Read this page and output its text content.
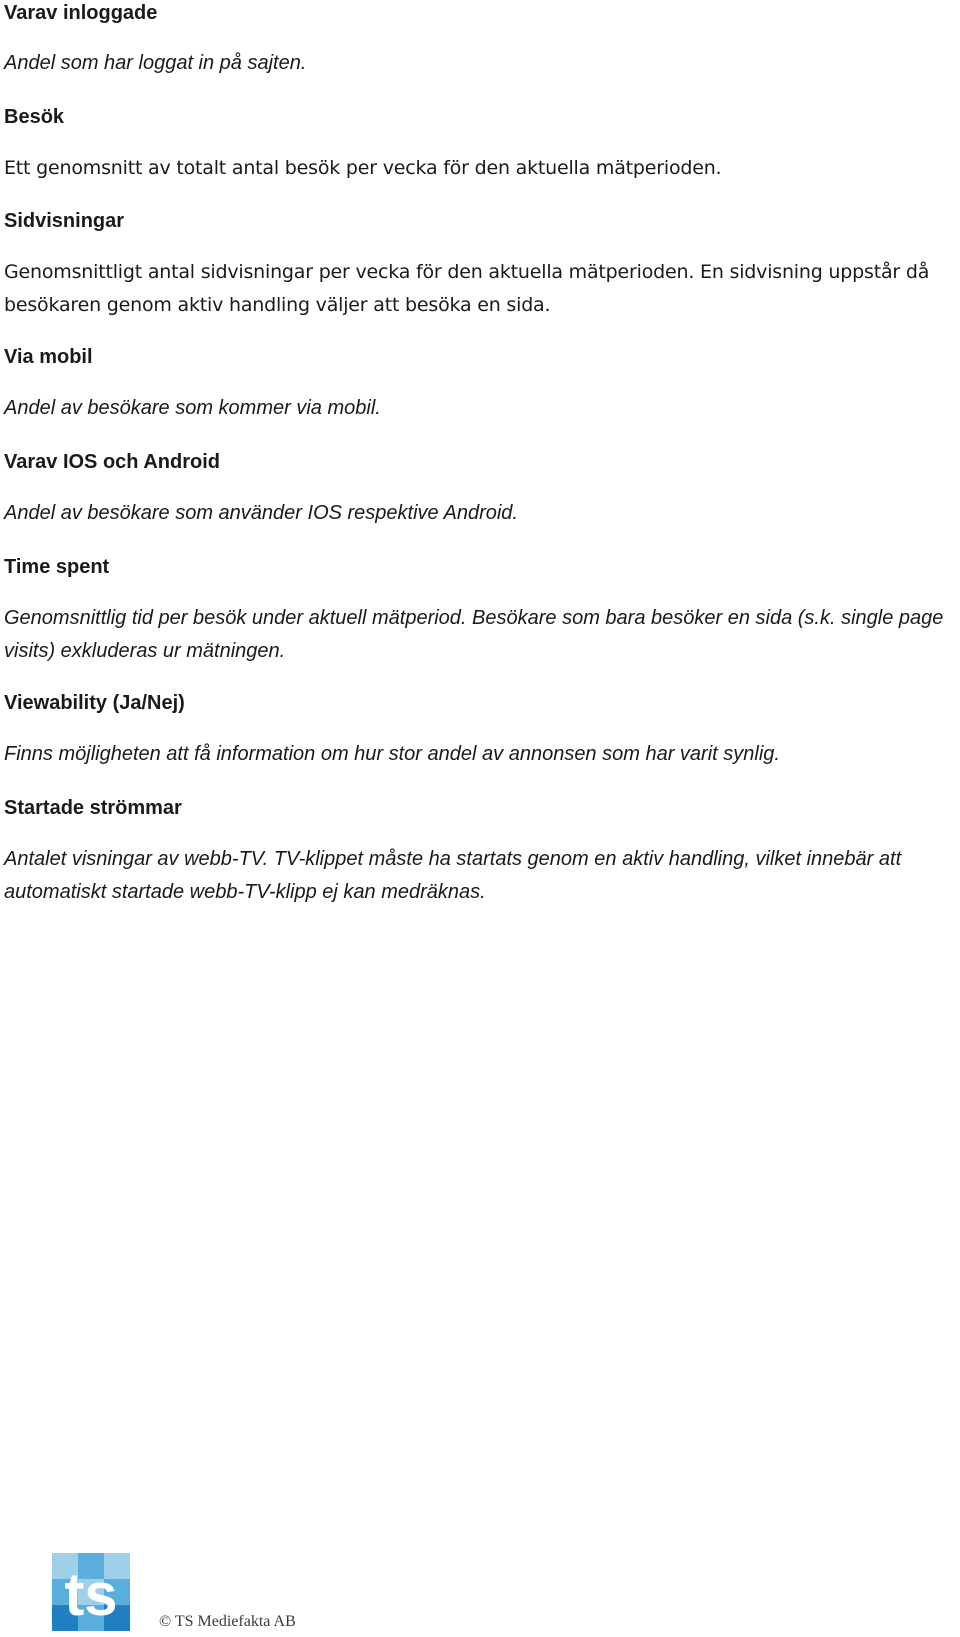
Varav inloggade

Andel som har loggat in på sajten.

Besök

Ett genomsnitt av totalt antal besök per vecka för den aktuella mätperioden.

Sidvisningar

Genomsnittligt antal sidvisningar per vecka för den aktuella mätperioden. En sidvisning uppstår då besökaren genom aktiv handling väljer att besöka en sida.

Via mobil

Andel av besökare som kommer via mobil.

Varav IOS och Android

Andel av besökare som använder IOS respektive Android.

Time spent

Genomsnittlig tid per besök under aktuell mätperiod. Besökare som bara besöker en sida (s.k. single page visits) exkluderas ur mätningen.

Viewability (Ja/Nej)

Finns möjligheten att få information om hur stor andel av annonsen som har varit synlig.

Startade strömmar

Antalet visningar av webb-TV. TV-klippet måste ha startats genom en aktiv handling, vilket innebär att automatiskt startade webb-TV-klipp ej kan medräknas.

ts	© TS Mediefakta AB
